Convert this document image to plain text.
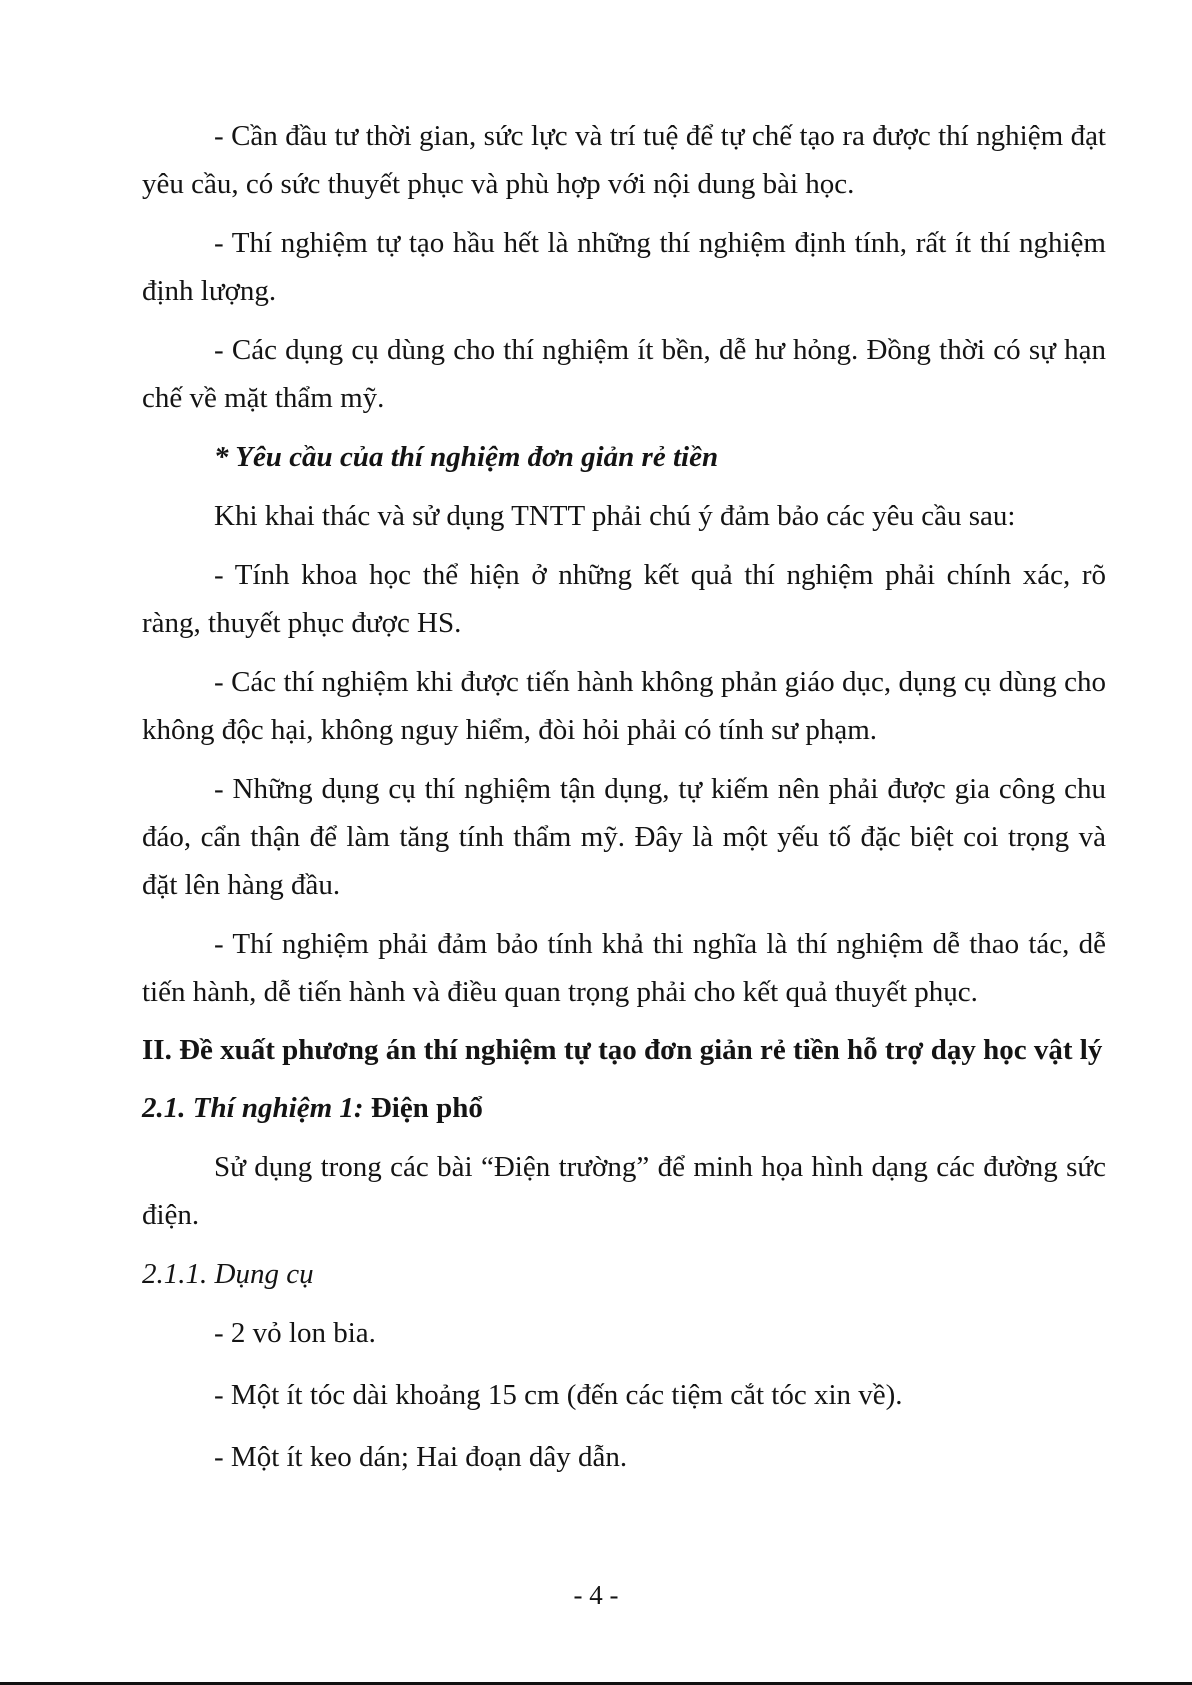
- Cần đầu tư thời gian, sức lực và trí tuệ để tự chế tạo ra được thí nghiệm đạt yêu cầu, có sức thuyết phục và phù hợp với nội dung bài học.

- Thí nghiệm tự tạo hầu hết là những thí nghiệm định tính, rất ít thí nghiệm định lượng.

- Các dụng cụ dùng cho thí nghiệm ít bền, dễ hư hỏng. Đồng thời có sự hạn chế về mặt thẩm mỹ.

* Yêu cầu của thí nghiệm đơn giản rẻ tiền

Khi khai thác và sử dụng TNTT phải chú ý đảm bảo các yêu cầu sau:

- Tính khoa học thể hiện ở những kết quả thí nghiệm phải chính xác, rõ ràng, thuyết phục được HS.

- Các thí nghiệm khi được tiến hành không phản giáo dục, dụng cụ dùng cho không độc hại, không nguy hiểm, đòi hỏi phải có tính sư phạm.

- Những dụng cụ thí nghiệm tận dụng, tự kiếm nên phải được gia công chu đáo, cẩn thận để làm tăng tính thẩm mỹ. Đây là một yếu tố đặc biệt coi trọng và đặt lên hàng đầu.

- Thí nghiệm phải đảm bảo tính khả thi nghĩa là thí nghiệm dễ thao tác, dễ tiến hành, dễ tiến hành và điều quan trọng phải cho kết quả thuyết phục.

II. Đề xuất phương án thí nghiệm tự tạo đơn giản rẻ tiền hỗ trợ dạy học vật lý

2.1. Thí nghiệm 1: Điện phổ

Sử dụng trong các bài “Điện trường” để minh họa hình dạng các đường sức điện.

2.1.1. Dụng cụ

- 2 vỏ lon bia.

- Một ít tóc dài khoảng 15 cm (đến các tiệm cắt tóc xin về).

- Một ít keo dán; Hai đoạn dây dẫn.

- 4 -
